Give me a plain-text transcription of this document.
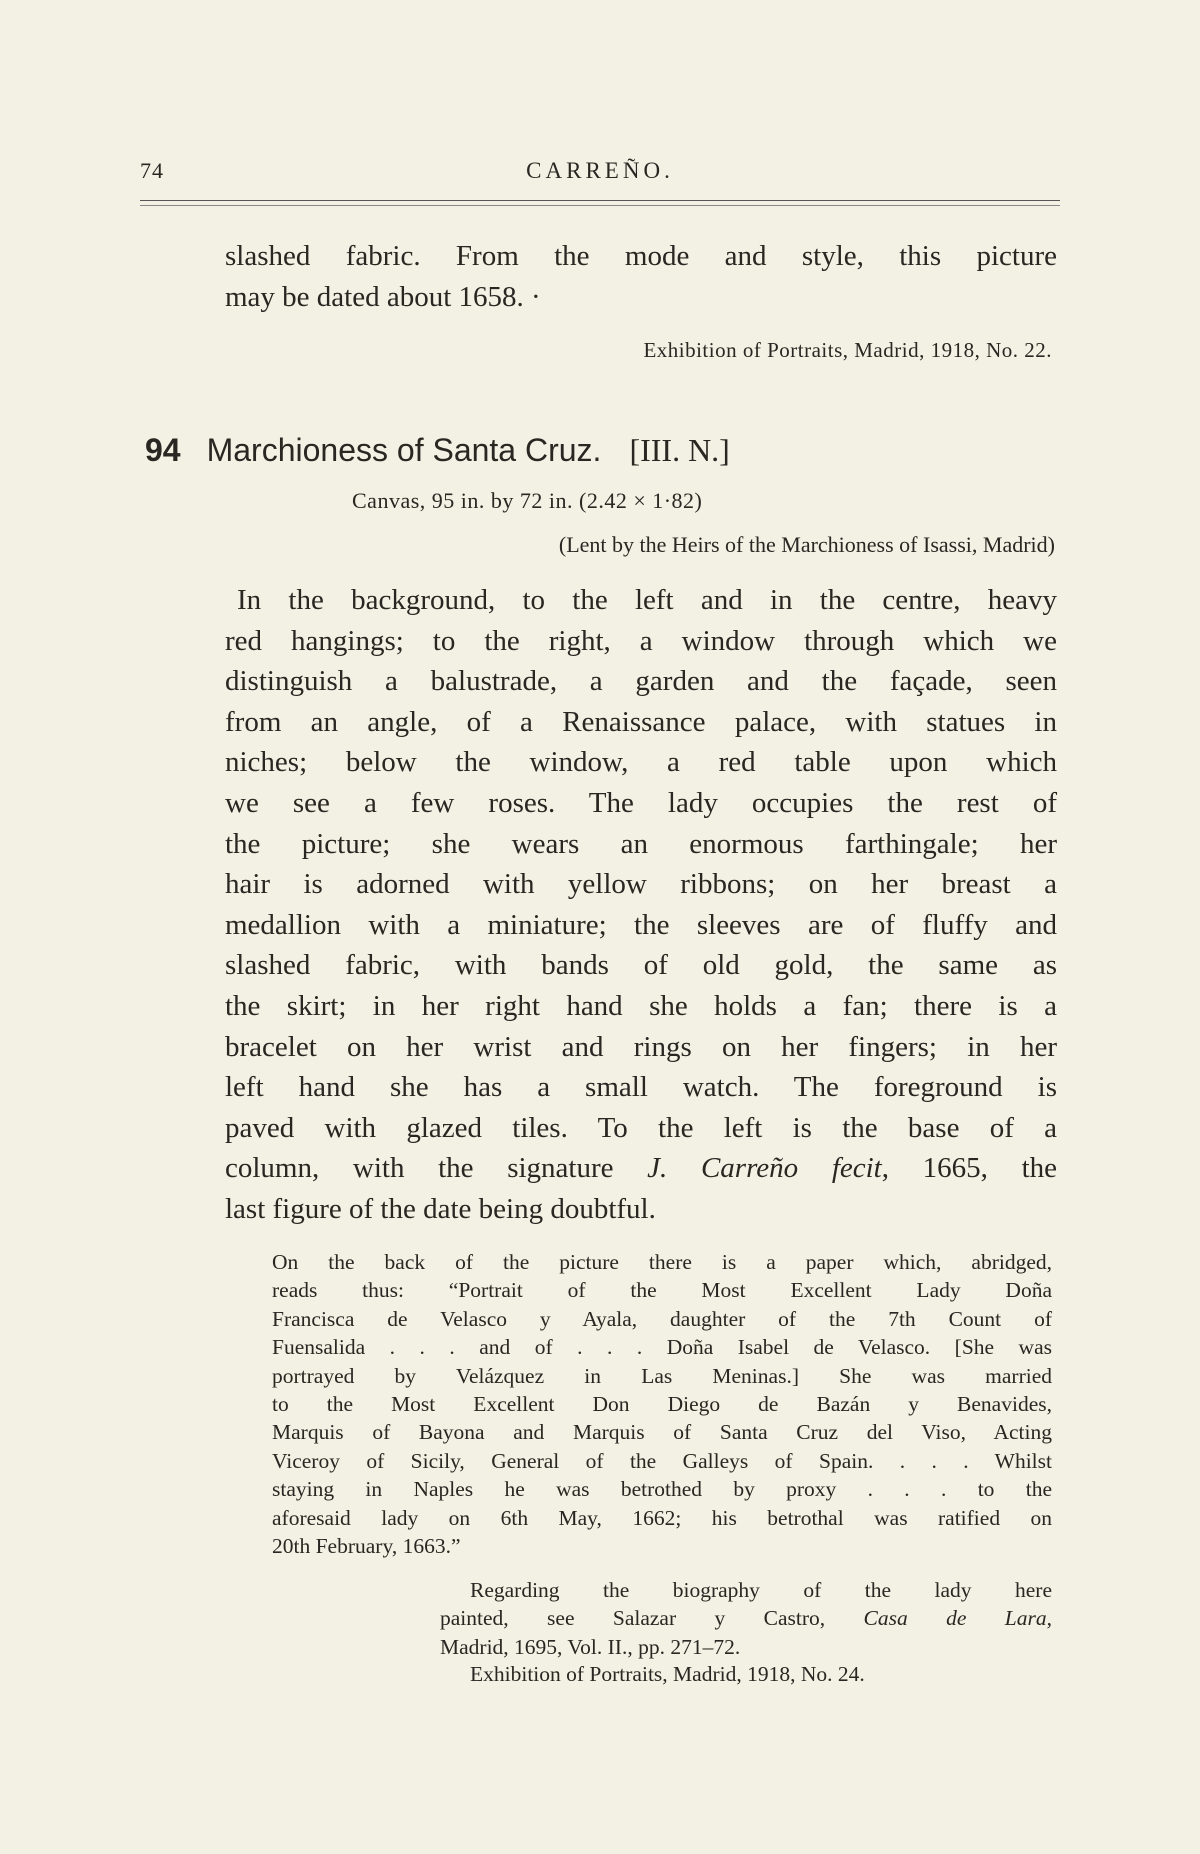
74	CARREÑO.
slashed fabric. From the mode and style, this picture
may be dated about 1658. ·
Exhibition of Portraits, Madrid, 1918, No. 22.
94 Marchioness of Santa Cruz. [III. N.]
Canvas, 95 in. by 72 in. (2.42 × 1·82)
(Lent by the Heirs of the Marchioness of Isassi, Madrid)
In the background, to the left and in the centre, heavy
red hangings; to the right, a window through which we
distinguish a balustrade, a garden and the façade, seen
from an angle, of a Renaissance palace, with statues in
niches; below the window, a red table upon which
we see a few roses. The lady occupies the rest of
the picture; she wears an enormous farthingale; her
hair is adorned with yellow ribbons; on her breast a
medallion with a miniature; the sleeves are of fluffy and
slashed fabric, with bands of old gold, the same as
the skirt; in her right hand she holds a fan; there is a
bracelet on her wrist and rings on her fingers; in her
left hand she has a small watch. The foreground is
paved with glazed tiles. To the left is the base of a
column, with the signature J. Carreño fecit, 1665, the
last figure of the date being doubtful.
On the back of the picture there is a paper which, abridged,
reads thus: “Portrait of the Most Excellent Lady Doña
Francisca de Velasco y Ayala, daughter of the 7th Count of
Fuensalida . . . and of . . . Doña Isabel de Velasco. [She was
portrayed by Velázquez in Las Meninas.] She was married
to the Most Excellent Don Diego de Bazán y Benavides,
Marquis of Bayona and Marquis of Santa Cruz del Viso, Acting
Viceroy of Sicily, General of the Galleys of Spain. . . . Whilst
staying in Naples he was betrothed by proxy . . . to the
aforesaid lady on 6th May, 1662; his betrothal was ratified on
20th February, 1663.”
Regarding the biography of the lady here
painted, see Salazar y Castro, Casa de Lara,
Madrid, 1695, Vol. II., pp. 271–72.
Exhibition of Portraits, Madrid, 1918, No. 24.
